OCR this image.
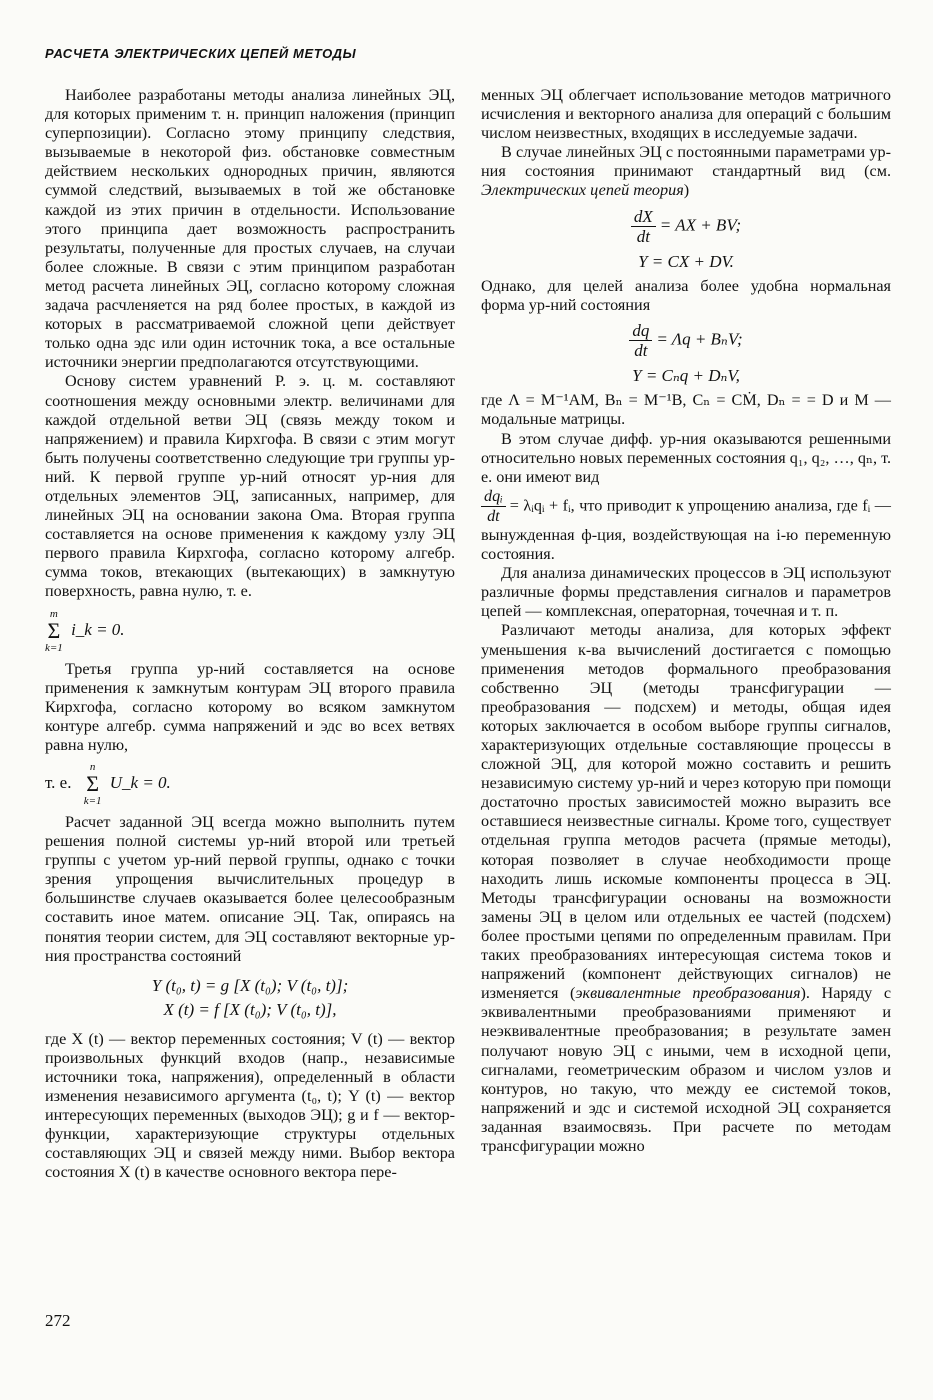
РАСЧЕТА ЭЛЕКТРИЧЕСКИХ ЦЕПЕЙ МЕТОДЫ

Наиболее разработаны методы анализа линейных ЭЦ, для которых применим т. н. принцип наложения (принцип суперпозиции). Согласно этому принципу следствия, вызываемые в некоторой физ. обстановке совместным действием нескольких однородных причин, являются суммой следствий, вызываемых в той же обстановке каждой из этих причин в отдельности. Использование этого принципа дает возможность распространить результаты, полученные для простых случаев, на случаи более сложные. В связи с этим принципом разработан метод расчета линейных ЭЦ, согласно которому сложная задача расчленяется на ряд более простых, в каждой из которых в рассматриваемой сложной цепи действует только одна эдс или один источник тока, а все остальные источники энергии предполагаются отсутствующими.

Основу систем уравнений Р. э. ц. м. составляют соотношения между основными электр. величинами для каждой отдельной ветви ЭЦ (связь между током и напряжением) и правила Кирхгофа. В связи с этим могут быть получены соответственно следующие три группы ур-ний. К первой группе ур-ний относят ур-ния для отдельных элементов ЭЦ, записанных, например, для линейных ЭЦ на основании закона Ома. Вторая группа составляется на основе применения к каждому узлу ЭЦ первого правила Кирхгофа, согласно которому алгебр. сумма токов, втекающих (вытекающих) в замкнутую поверхность, равна нулю, т. е.

m
Σ
k=1 i_k = 0.

Третья группа ур-ний составляется на основе применения к замкнутым контурам ЭЦ второго правила Кирхгофа, согласно которому во всяком замкнутом контуре алгебр. сумма напряжений и эдс во всех ветвях равна нулю,

т. е. n
Σ
k=1 U_k = 0.

Расчет заданной ЭЦ всегда можно выполнить путем решения полной системы ур-ний второй или третьей группы с учетом ур-ний первой группы, однако с точки зрения упрощения вычислительных процедур в большинстве случаев оказывается более целесообразным составить иное матем. описание ЭЦ. Так, опираясь на понятия теории систем, для ЭЦ составляют векторные ур-ния пространства состояний

Y (t₀, t) = g [X (t₀); V (t₀, t)];
X (t) = f [X (t₀); V (t₀, t)],

где X (t) — вектор переменных состояния; V (t) — вектор произвольных функций входов (напр., независимые источники тока, напряжения), определенный в области изменения независимого аргумента (t₀, t); Y (t) — вектор интересующих переменных (выходов ЭЦ); g и f — вектор-функции, характеризующие структуры отдельных составляющих ЭЦ и связей между ними. Выбор вектора состояния X (t) в качестве основного вектора пере-

менных ЭЦ облегчает использование методов матричного исчисления и векторного анализа для операций с большим числом неизвестных, входящих в исследуемые задачи.

В случае линейных ЭЦ с постоянными параметрами ур-ния состояния принимают стандартный вид (см. Электрических цепей теория)

$\frac{dX}{dt}$ = AX + BV;
Y = CX + DV.

Однако, для целей анализа более удобна нормальная форма ур-ний состояния

$\frac{dq}{dt} = \Lambda q + B_nV$;
Y = Cₙq + DₙV,

где Λ = M⁻¹AM, Bₙ = M⁻¹B, Cₙ = CṀ, Dₙ = = D и M — модальные матрицы.

В этом случае дифф. ур-ния оказываются решенными относительно новых переменных состояния q₁, q₂, …, qₙ, т. е. они имеют вид

$\frac{\text{dqᵢ}}{dt}$ = λᵢqᵢ + fᵢ, что приводит к упрощению анализа, где fᵢ — вынужденная ф-ция, воздействующая на i-ю переменную состояния.

Для анализа динамических процессов в ЭЦ используют различные формы представления сигналов и параметров цепей — комплексная, операторная, точечная и т. п.

Различают методы анализа, для которых эффект уменьшения к-ва вычислений достигается с помощью применения методов формального преобразования собственно ЭЦ (методы трансфигурации — преобразования — подсхем) и методы, общая идея которых заключается в особом выборе группы сигналов, характеризующих отдельные составляющие процессы в сложной ЭЦ, для которой можно составить и решить независимую систему ур-ний и через которую при помощи достаточно простых зависимостей можно выразить все оставшиеся неизвестные сигналы. Кроме того, существует отдельная группа методов расчета (прямые методы), которая позволяет в случае необходимости проще находить лишь искомые компоненты процесса в ЭЦ. Методы трансфигурации основаны на возможности замены ЭЦ в целом или отдельных ее частей (подсхем) более простыми цепями по определенным правилам. При таких преобразованиях интересующая система токов и напряжений (компонент действующих сигналов) не изменяется (эквивалентные преобразования). Наряду с эквивалентными преобразованиями применяют и неэквивалентные преобразования; в результате замен получают новую ЭЦ с иными, чем в исходной цепи, сигналами, геометрическим образом и числом узлов и контуров, но такую, что между ее системой токов, напряжений и эдс и системой исходной ЭЦ сохраняется заданная взаимосвязь. При расчете по методам трансфигурации можно

272
